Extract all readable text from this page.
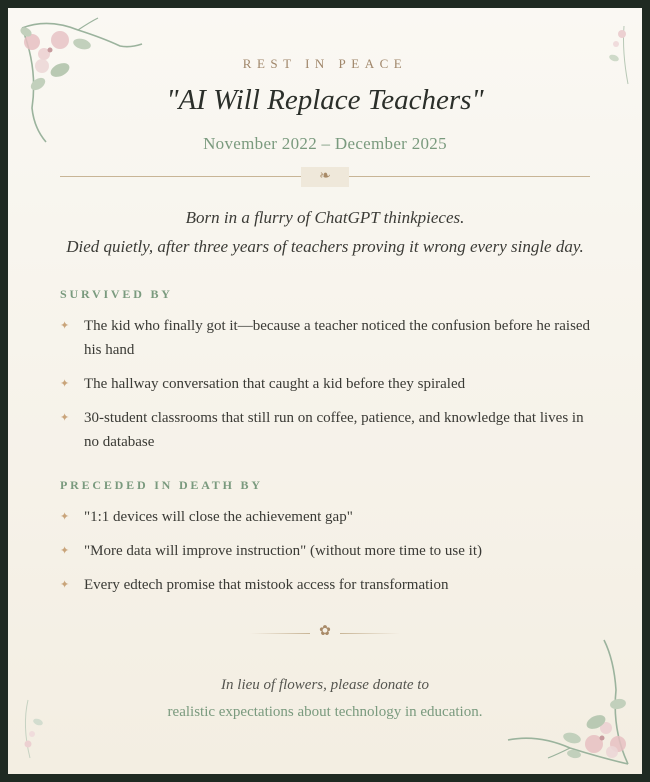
REST IN PEACE
"AI Will Replace Teachers"
November 2022 – December 2025
❧
Born in a flurry of ChatGPT thinkpieces.
Died quietly, after three years of teachers proving it wrong every single day.
SURVIVED BY
✦ The kid who finally got it—because a teacher noticed the confusion before he raised his hand
✦ The hallway conversation that caught a kid before they spiraled
✦ 30-student classrooms that still run on coffee, patience, and knowledge that lives in no database
PRECEDED IN DEATH BY
✦ "1:1 devices will close the achievement gap"
✦ "More data will improve instruction" (without more time to use it)
✦ Every edtech promise that mistook access for transformation
✿
In lieu of flowers, please donate to
realistic expectations about technology in education.
